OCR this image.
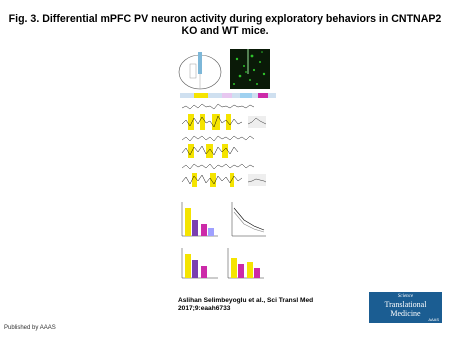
Fig. 3. Differential mPFC PV neuron activity during exploratory behaviors in CNTNAP2 KO and WT mice.
Aslihan Selimbeyoglu et al., Sci Transl Med
2017;9:eaah6733
Science
Translational
Medicine
AAAS
Published by AAAS
